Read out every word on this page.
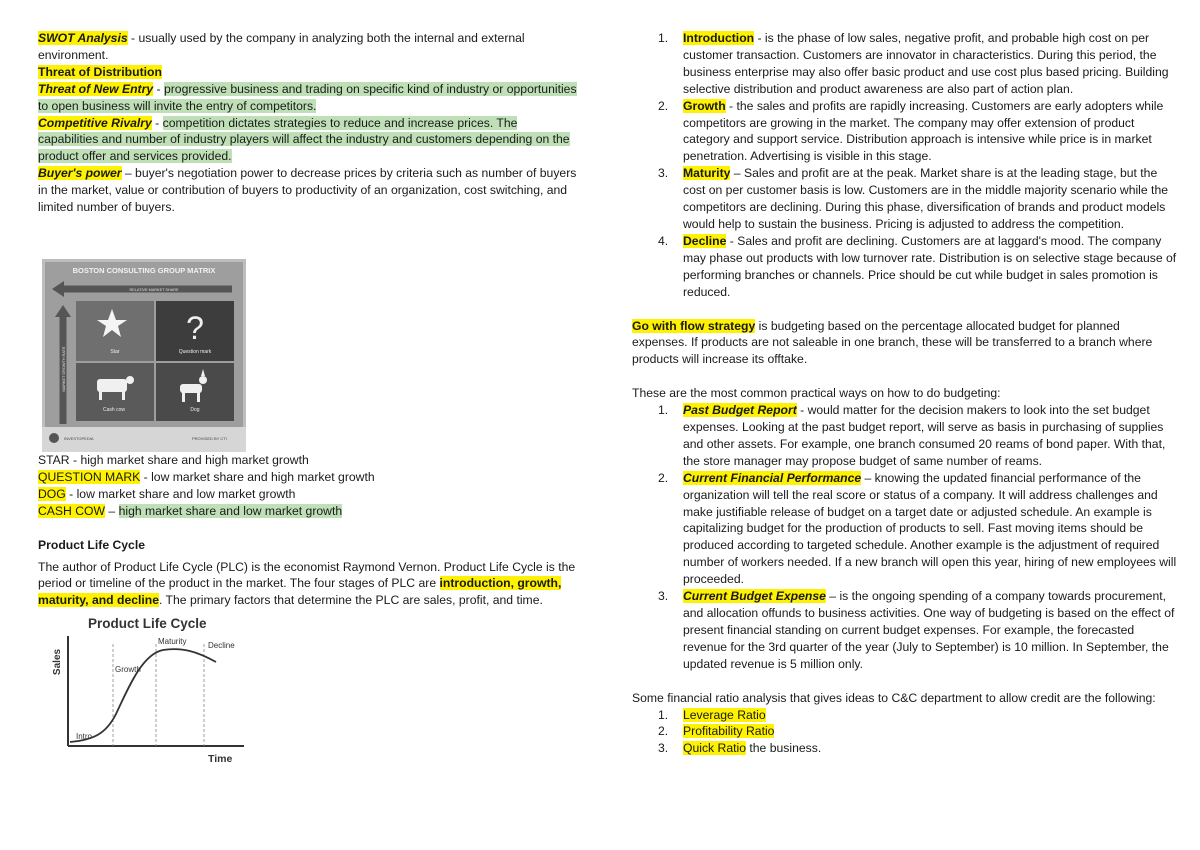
SWOT Analysis - usually used by the company in analyzing both the internal and external environment.

Threat of Distribution

Threat of New Entry - progressive business and trading on specific kind of industry or opportunities to open business will invite the entry of competitors.

Competitive Rivalry - competition dictates strategies to reduce and increase prices. The capabilities and number of industry players will affect the industry and customers depending on the product offer and services provided.

Buyer's power – buyer's negotiation power to decrease prices by criteria such as number of buyers in the market, value or contribution of buyers to productivity of an organization, cost switching, and limited number of buyers.

BOSTON CONSULTING GROUP MATRIX
RELATIVE MARKET SHARE
MARKET GROWTH RATE	Star
?
Question mark
Cash cow	Dog
INVESTOPEDIA	PROVIDED BY CTI

STAR - high market share and high market growth

QUESTION MARK - low market share and high market growth

DOG - low market share and low market growth

CASH COW – high market share and low market growth

Product Life Cycle

The author of Product Life Cycle (PLC) is the economist Raymond Vernon. Product Life Cycle is the period or timeline of the product in the market. The four stages of PLC are introduction, growth, maturity, and decline. The primary factors that determine the PLC are sales, profit, and time.

Product Life Cycle
Sales
Intro
Growth
Maturity	Decline
Time
1. Introduction - is the phase of low sales, negative profit, and probable high cost on per customer transaction. Customers are innovator in characteristics. During this period, the business enterprise may also offer basic product and use cost plus based pricing. Building selective distribution and product awareness are also part of action plan.
2. Growth - the sales and profits are rapidly increasing. Customers are early adopters while competitors are growing in the market. The company may offer extension of product category and support service. Distribution approach is intensive while price is in market penetration. Advertising is visible in this stage.
3. Maturity – Sales and profit are at the peak. Market share is at the leading stage, but the cost on per customer basis is low. Customers are in the middle majority scenario while the competitors are declining. During this phase, diversification of brands and product models would help to sustain the business. Pricing is adjusted to address the competition.
4. Decline - Sales and profit are declining. Customers are at laggard's mood. The company may phase out products with low turnover rate. Distribution is on selective stage because of performing branches or channels. Price should be cut while budget in sales promotion is reduced.

Go with flow strategy is budgeting based on the percentage allocated budget for planned expenses. If products are not saleable in one branch, these will be transferred to a branch where products will increase its offtake.

These are the most common practical ways on how to do budgeting:

1. Past Budget Report - would matter for the decision makers to look into the set budget expenses. Looking at the past budget report, will serve as basis in purchasing of supplies and other assets. For example, one branch consumed 20 reams of bond paper. With that, the store manager may propose budget of same number of reams.
2. Current Financial Performance – knowing the updated financial performance of the organization will tell the real score or status of a company. It will address challenges and make justifiable release of budget on a target date or adjusted schedule. An example is capitalizing budget for the production of products to sell. Fast moving items should be produced according to targeted schedule. Another example is the adjustment of required number of workers needed. If a new branch will open this year, hiring of new employees will proceeded.
3. Current Budget Expense – is the ongoing spending of a company towards procurement, and allocation offunds to business activities. One way of budgeting is based on the effect of present financial standing on current budget expenses. For example, the forecasted revenue for the 3rd quarter of the year (July to September) is 10 million. In September, the updated revenue is 5 million only.

Some financial ratio analysis that gives ideas to C&C department to allow credit are the following:

1. Leverage Ratio
2. Profitability Ratio
3. Quick Ratio the business.
